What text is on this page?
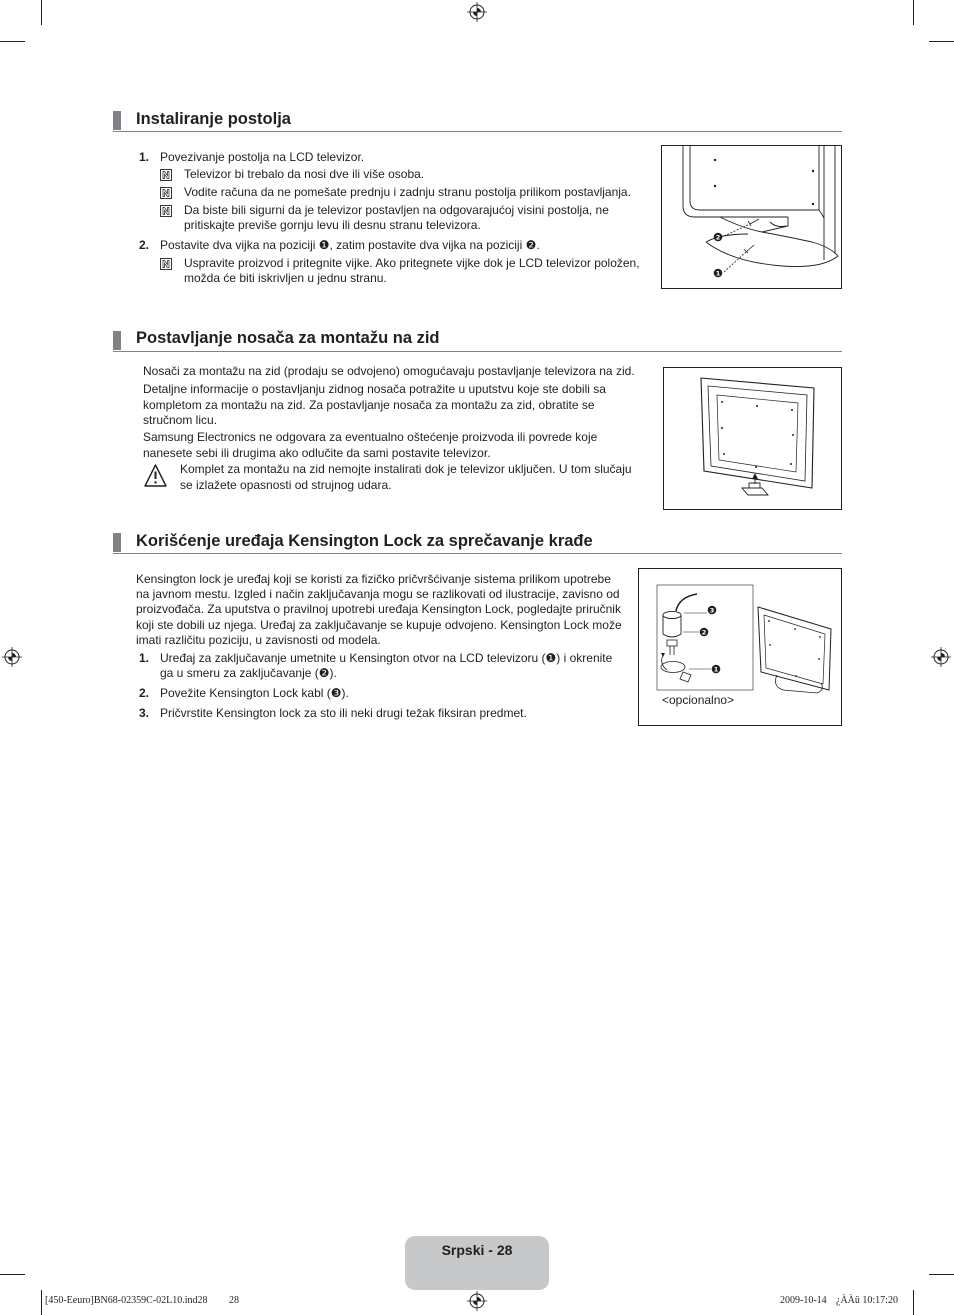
Instaliranje postolja
1. Povezivanje postolja na LCD televizor.
Televizor bi trebalo da nosi dve ili više osoba.
Vodite računa da ne pomešate prednju i zadnju stranu postolja prilikom postavljanja.
Da biste bili sigurni da je televizor postavljen na odgovarajućoj visini postolja, ne
pritiskajte previše gornju levu ili desnu stranu televizora.
2. Postavite dva vijka na poziciji ❶, zatim postavite dva vijka na poziciji ❷.
Uspravite proizvod i pritegnite vijke. Ako pritegnete vijke dok je LCD televizor položen,
možda će biti iskrivljen u jednu stranu.
2
1
Postavljanje nosača za montažu na zid
Nosači za montažu na zid (prodaju se odvojeno) omogućavaju postavljanje televizora na zid.
Detaljne informacije o postavljanju zidnog nosača potražite u uputstvu koje ste dobili sa
kompletom za montažu na zid. Za postavljanje nosača za montažu za zid, obratite se
stručnom licu.
Samsung Electronics ne odgovara za eventualno oštećenje proizvoda ili povrede koje
nanesete sebi ili drugima ako odlučite da sami postavite televizor.
Komplet za montažu na zid nemojte instalirati dok je televizor uključen. U tom slučaju
se izlažete opasnosti od strujnog udara.
Korišćenje uređaja Kensington Lock za sprečavanje krađe
Kensington lock je uređaj koji se koristi za fizičko pričvršćivanje sistema prilikom upotrebe
na javnom mestu. Izgled i način zaključavanja mogu se razlikovati od ilustracije, zavisno od
proizvođača. Za uputstva o pravilnoj upotrebi uređaja Kensington Lock, pogledajte priručnik
koji ste dobili uz njega. Uređaj za zaključavanje se kupuje odvojeno. Kensington Lock može
imati različitu poziciju, u zavisnosti od modela.
1. Uređaj za zaključavanje umetnite u Kensington otvor na LCD televizoru (❶) i okrenite
ga u smeru za zaključavanje (❷).
2. Povežite Kensington Lock kabl (❸).
3. Pričvrstite Kensington lock za sto ili neki drugi težak fiksiran predmet.
3
2
1
<opcionalno>
Srpski - 28
[450-Eeuro]BN68-02359C-02L10.ind28 28	2009-10-14 ¿ÀÀü 10:17:20
